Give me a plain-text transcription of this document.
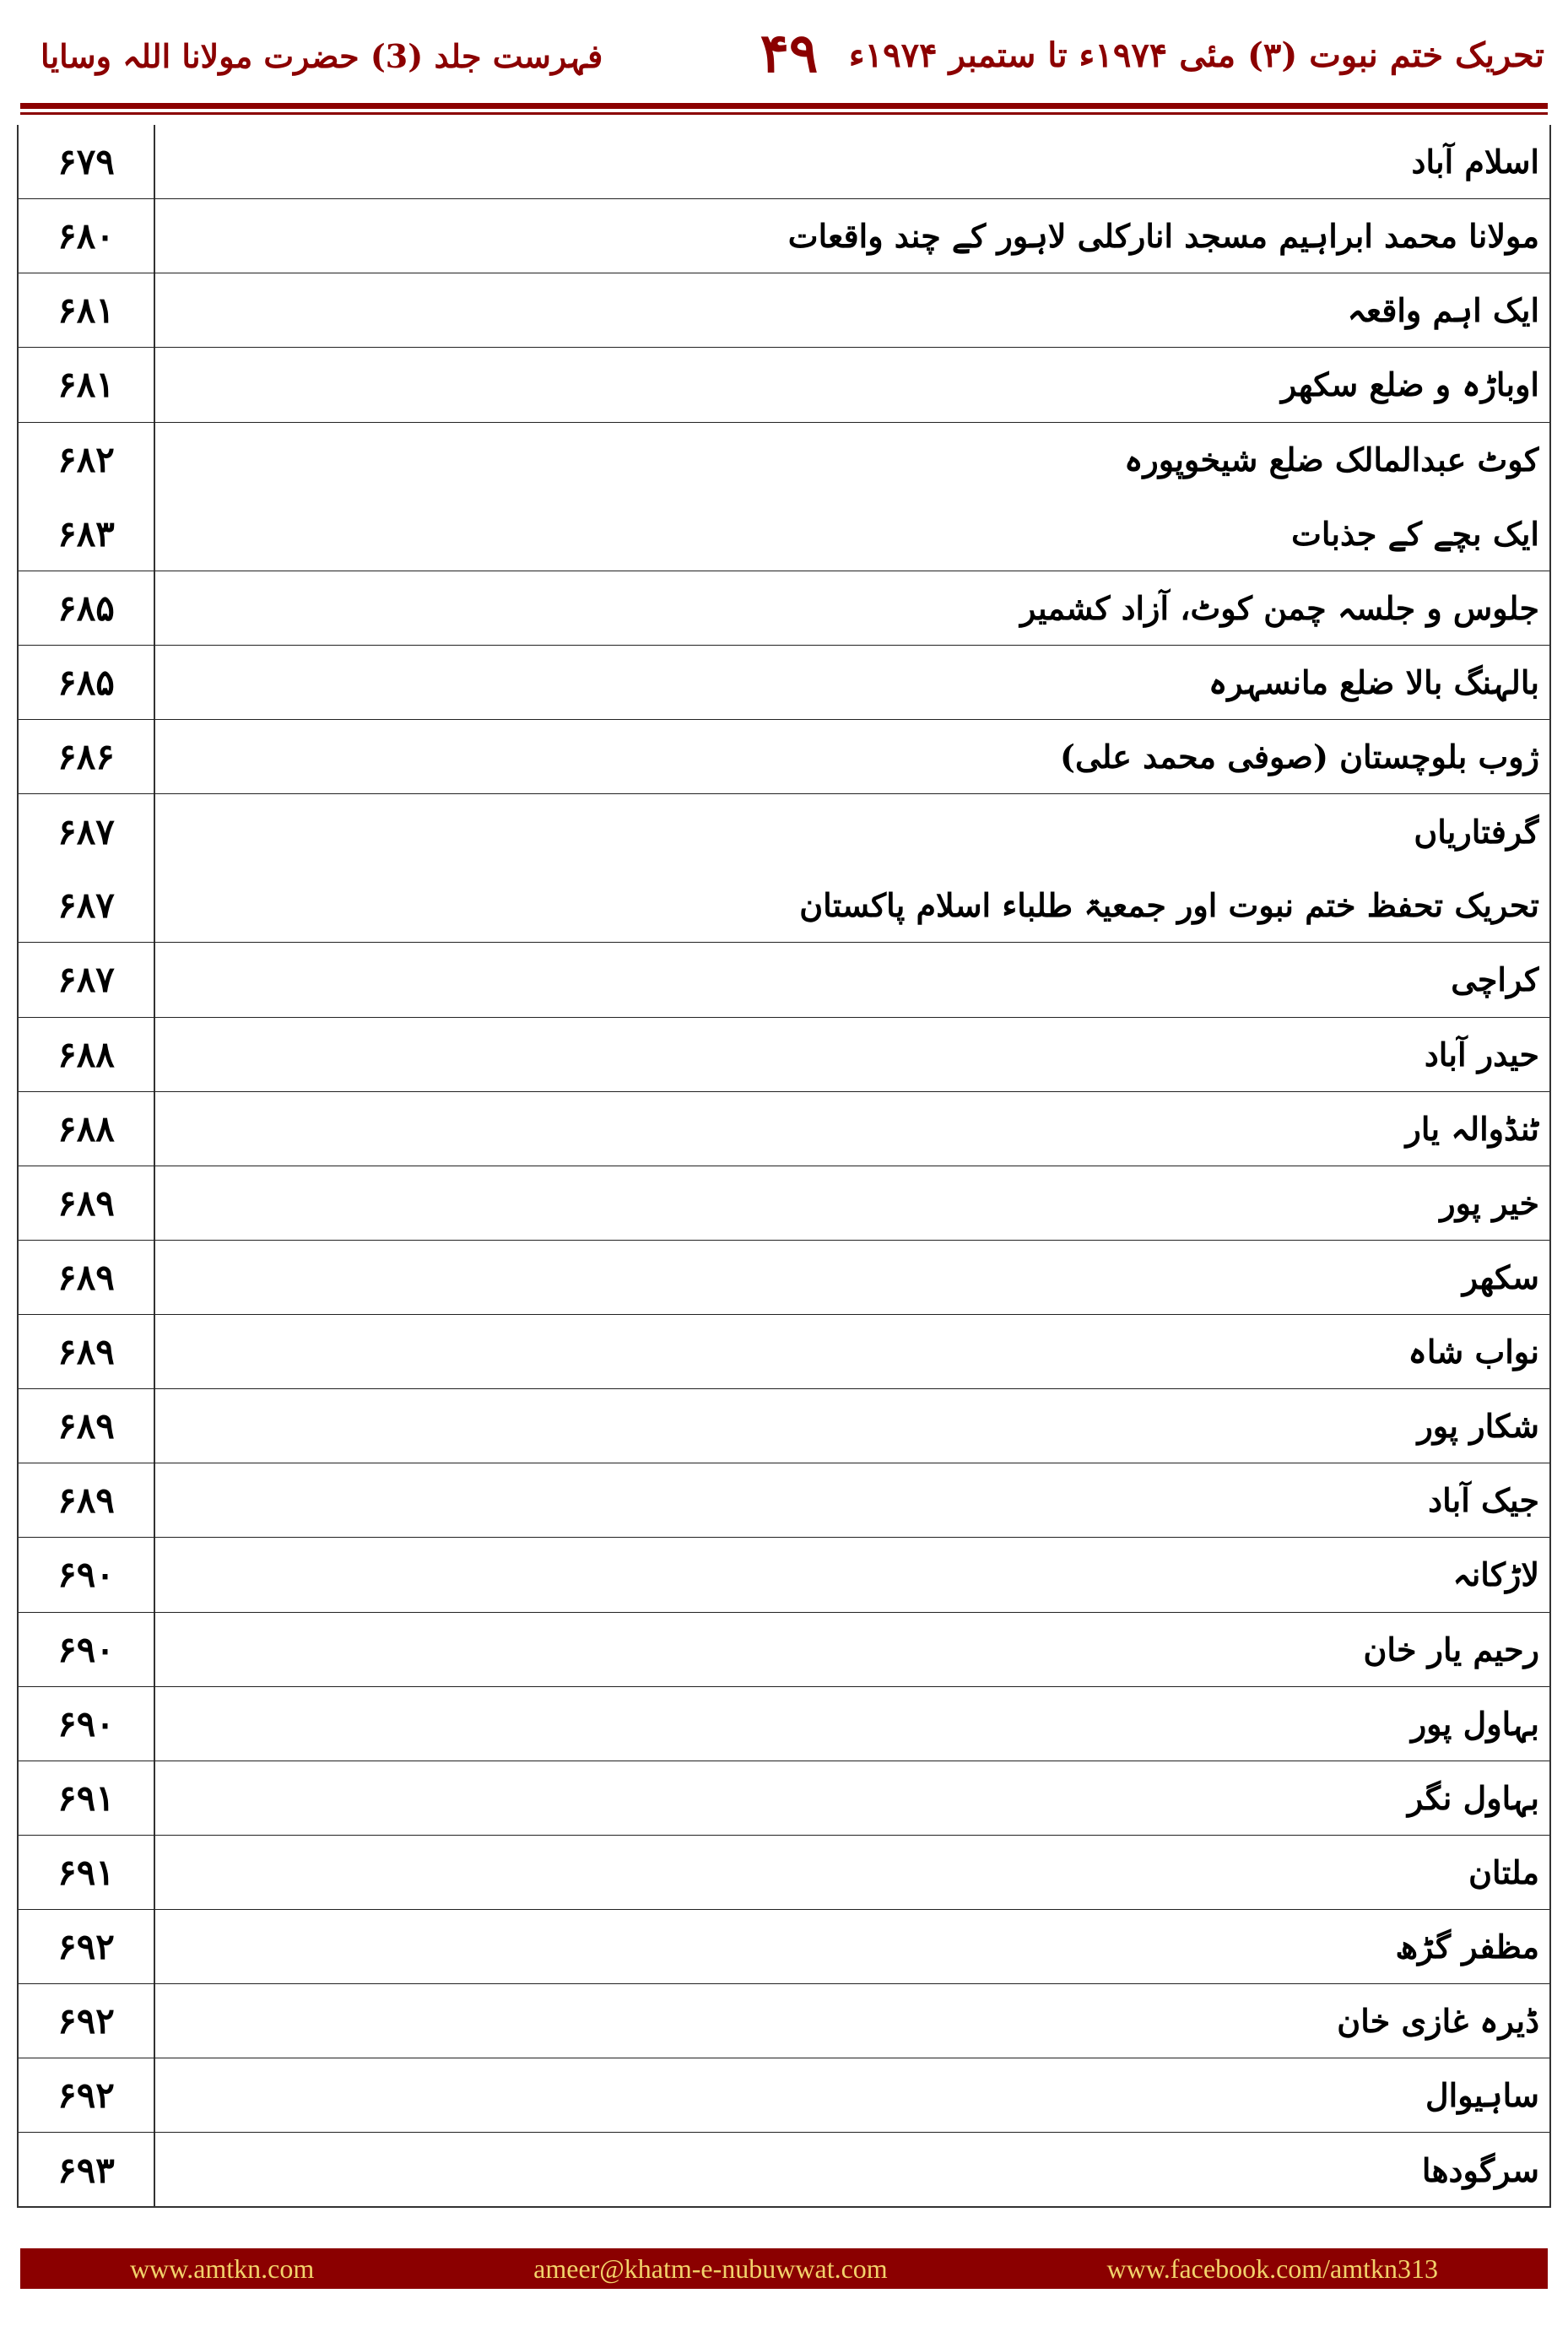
تحریک ختم نبوت (۳) مئی ۱۹۷۴ء تا ستمبر ۱۹۷۴ء
۴۹
فہرست جلد (3) حضرت مولانا اللہ وسایا
۶۷۹	اسلام آباد
۶۸۰	مولانا محمد ابراہیم مسجد انارکلی لاہور کے چند واقعات
۶۸۱	ایک اہم واقعہ
۶۸۱	اوباڑہ و ضلع سکھر
۶۸۲	کوٹ عبدالمالک ضلع شیخوپورہ
۶۸۳	ایک بچے کے جذبات
۶۸۵	جلوس و جلسہ چمن کوٹ، آزاد کشمیر
۶۸۵	بالہنگ بالا ضلع مانسہرہ
۶۸۶	ژوب بلوچستان (صوفی محمد علی)
۶۸۷	گرفتاریاں
۶۸۷	تحریک تحفظ ختم نبوت اور جمعیۃ طلباء اسلام پاکستان
۶۸۷	کراچی
۶۸۸	حیدر آباد
۶۸۸	ٹنڈوالہ یار
۶۸۹	خیر پور
۶۸۹	سکھر
۶۸۹	نواب شاہ
۶۸۹	شکار پور
۶۸۹	جیک آباد
۶۹۰	لاڑکانہ
۶۹۰	رحیم یار خان
۶۹۰	بہاول پور
۶۹۱	بہاول نگر
۶۹۱	ملتان
۶۹۲	مظفر گڑھ
۶۹۲	ڈیرہ غازی خان
۶۹۲	ساہیوال
۶۹۳	سرگودھا
www.amtkn.com	ameer@khatm-e-nubuwwat.com	www.facebook.com/amtkn313
